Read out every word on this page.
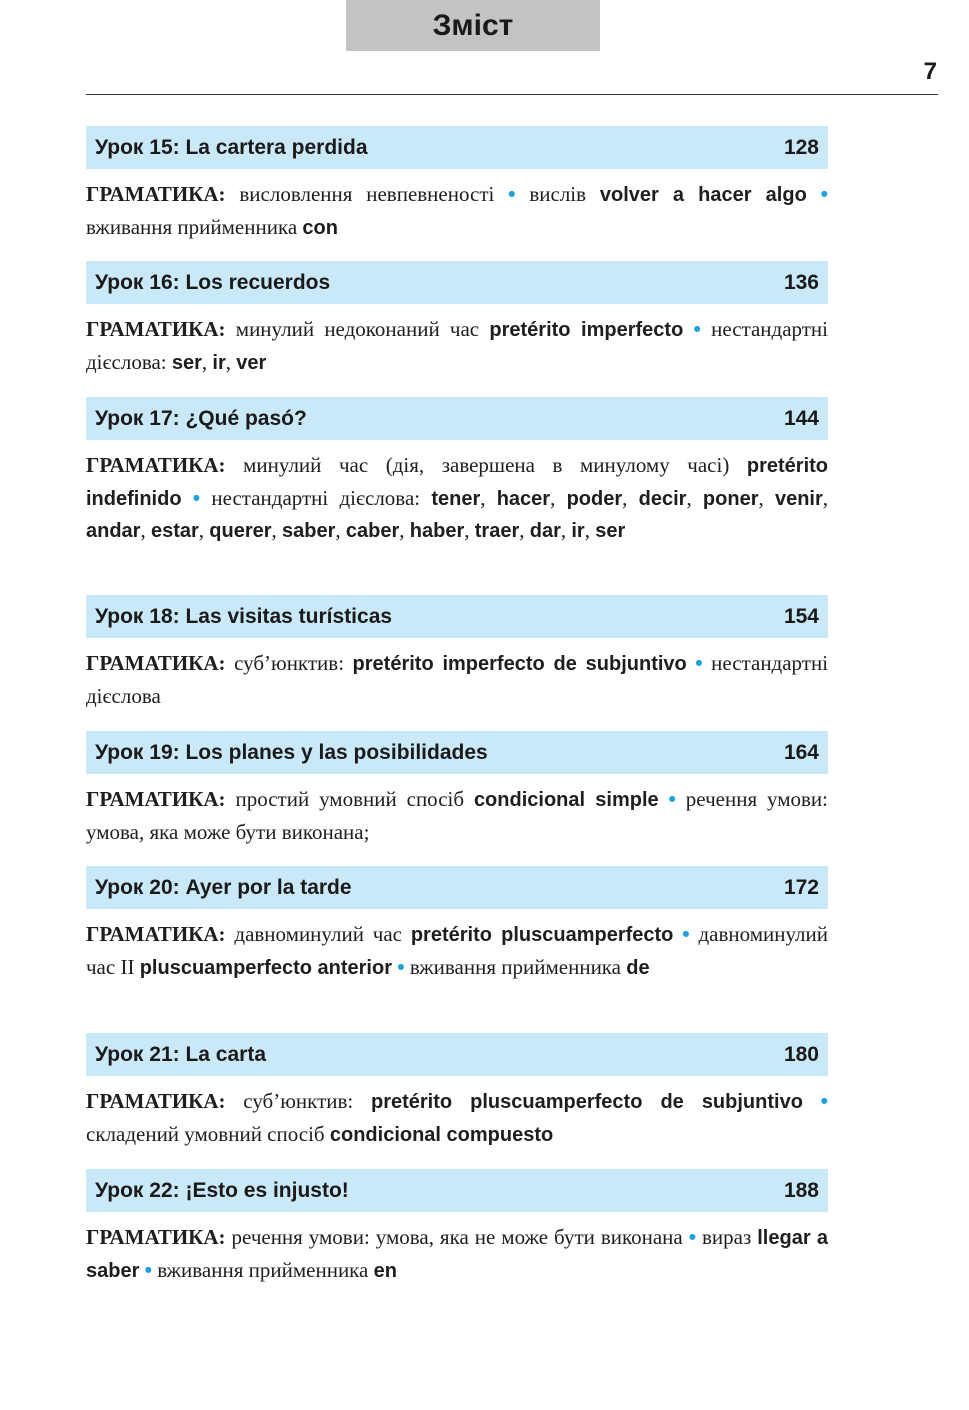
Зміст
7
Урок 15: La cartera perdida	128
ГРАМАТИКА: висловлення невпевненості • вислів volver a hacer algo • вживання прийменника con
Урок 16: Los recuerdos	136
ГРАМАТИКА: минулий недоконаний час pretérito imperfecto • нестандартні дієслова: ser, ir, ver
Урок 17: ¿Qué pasó?	144
ГРАМАТИКА: минулий час (дія, завершена в минулому часі) pretérito indefinido • нестандартні дієслова: tener, hacer, poder, decir, poner, venir, andar, estar, querer, saber, caber, haber, traer, dar, ir, ser
Урок 18: Las visitas turísticas	154
ГРАМАТИКА: суб’юнктив: pretérito imperfecto de subjuntivo • нестандартні дієслова
Урок 19: Los planes y las posibilidades	164
ГРАМАТИКА: простий умовний спосіб condicional simple • речення умови: умова, яка може бути виконана;
Урок 20: Ayer por la tarde	172
ГРАМАТИКА: давноминулий час pretérito pluscuamperfecto • давноминулий час II pluscuamperfecto anterior • вживання прийменника de
Урок 21: La carta	180
ГРАМАТИКА: суб’юнктив: pretérito pluscuamperfecto de subjuntivo • складений умовний спосіб condicional compuesto
Урок 22: ¡Esto es injusto!	188
ГРАМАТИКА: речення умови: умова, яка не може бути виконана • вираз llegar a saber • вживання прийменника en
